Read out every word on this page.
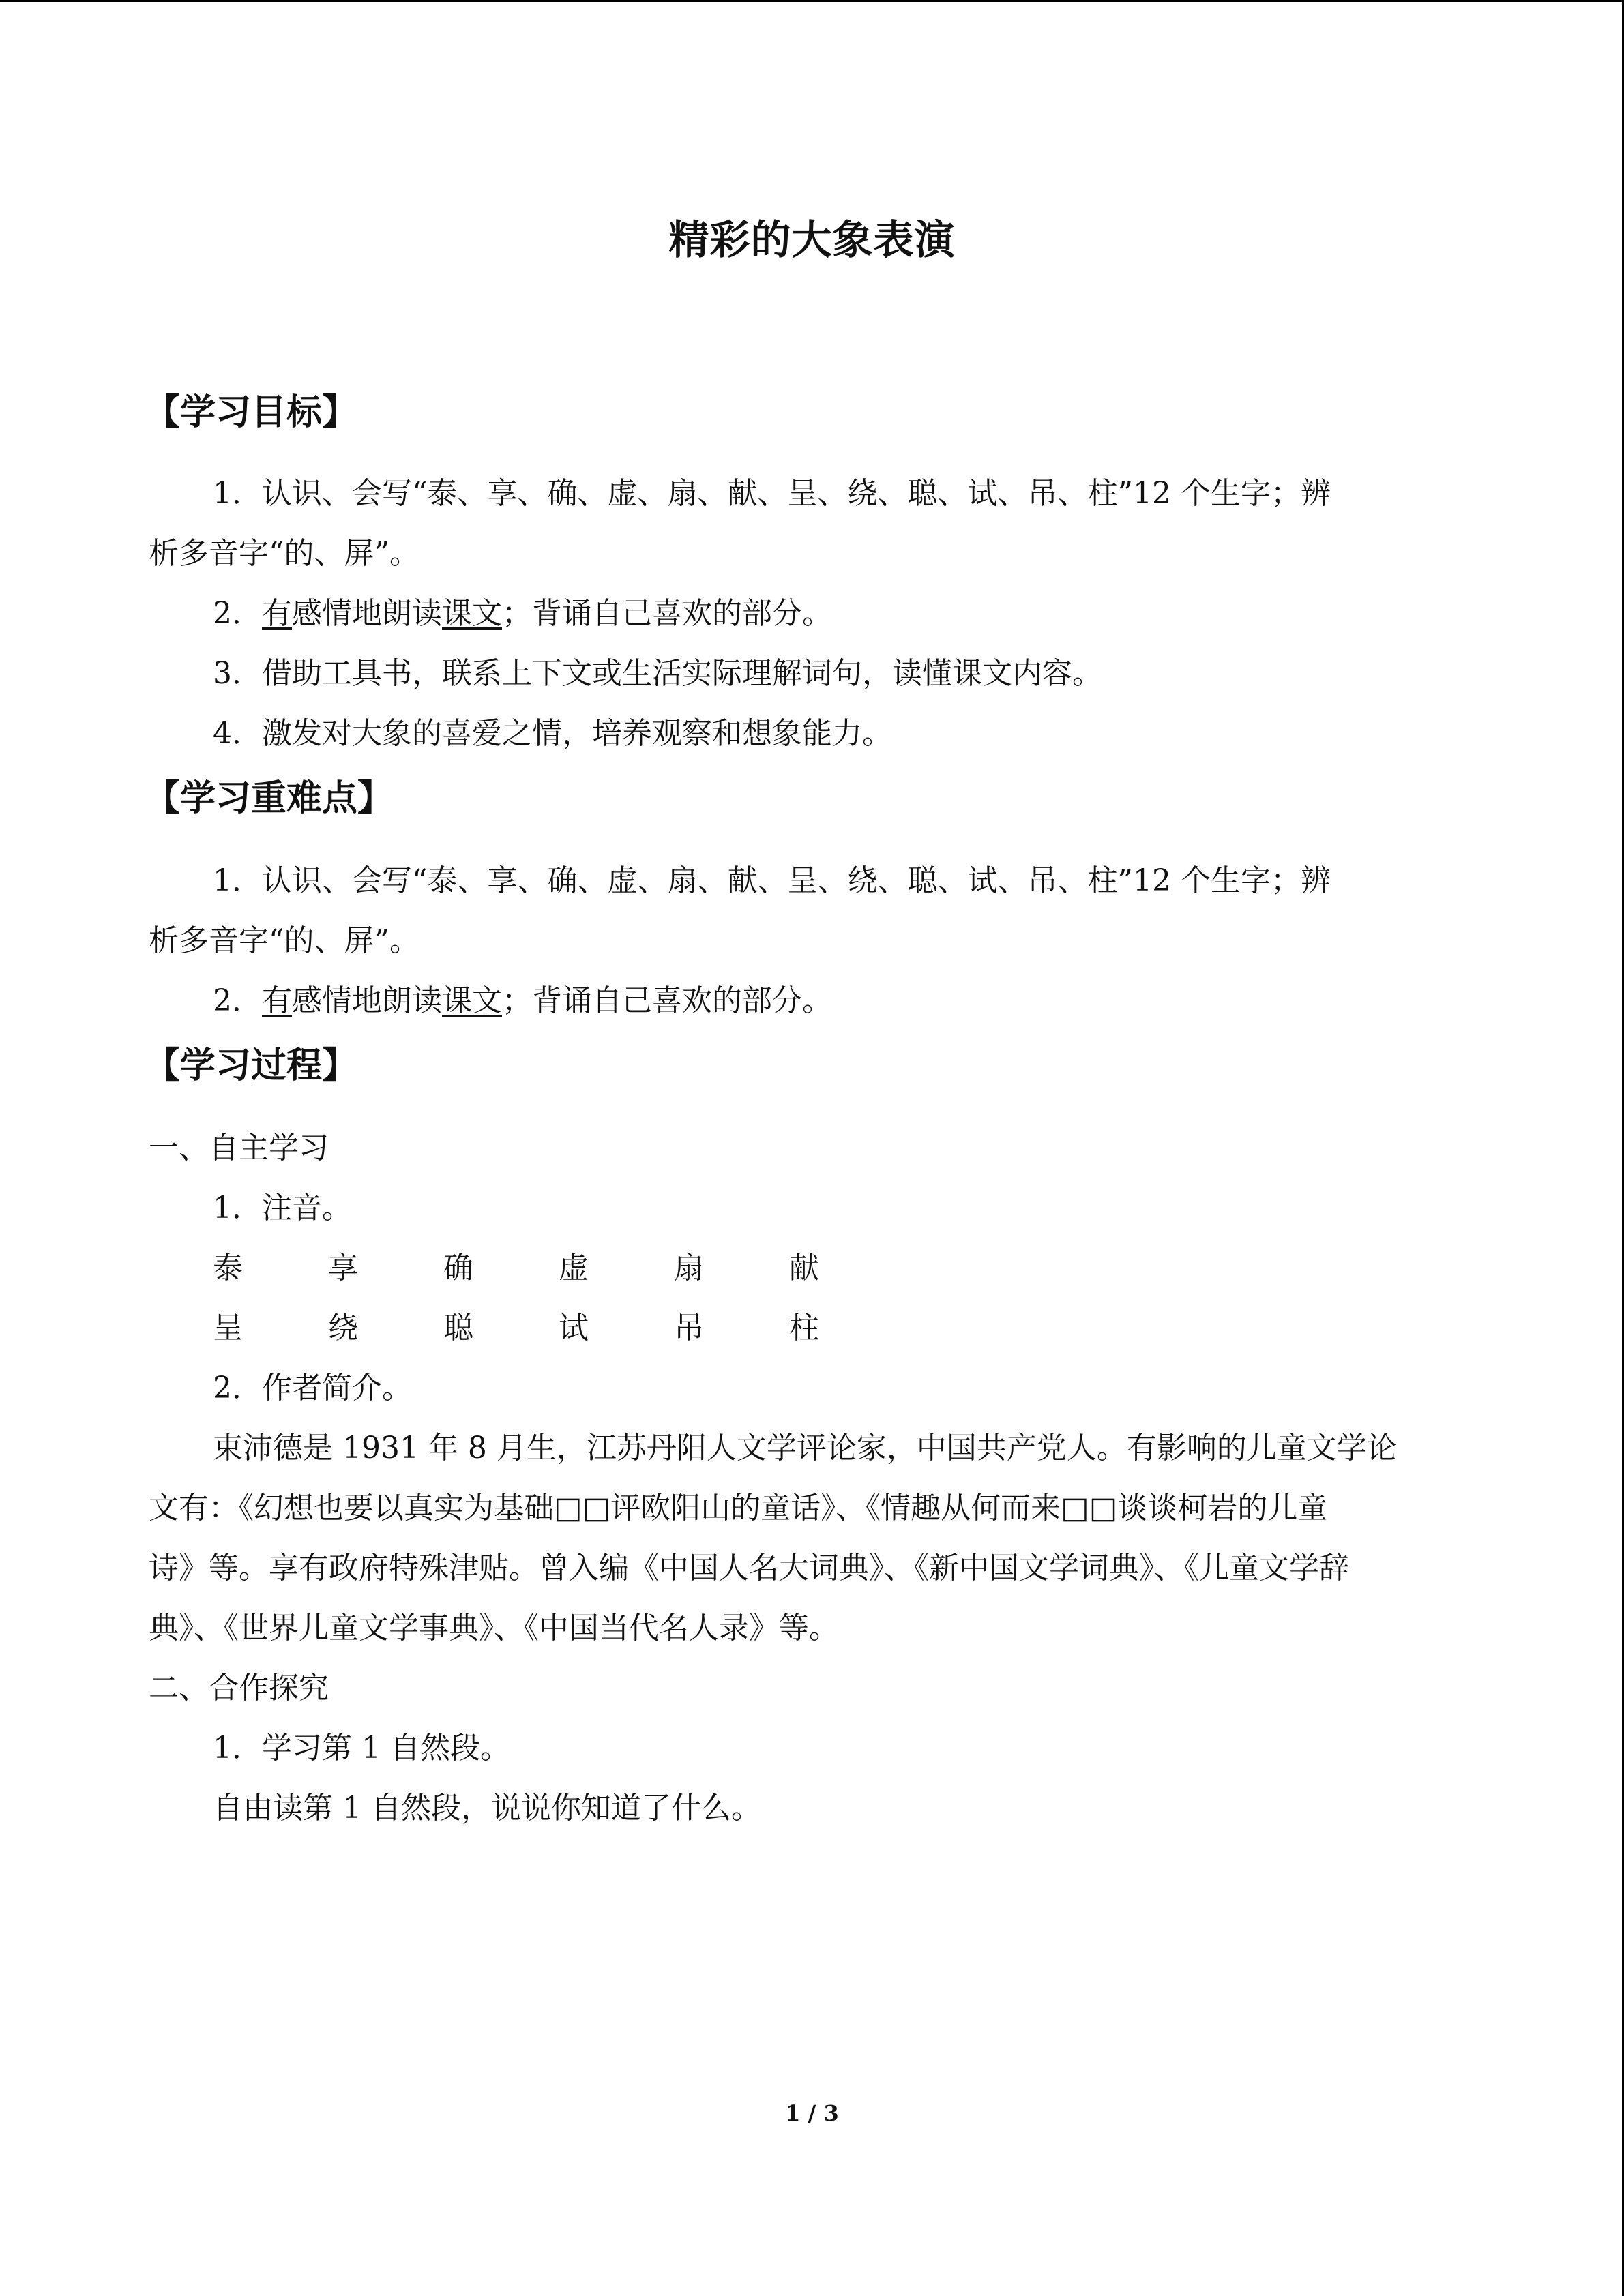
精彩的大象表演
【学习目标】
1．认识、会写“泰、享、确、虚、扇、献、呈、绕、聪、试、吊、柱”12 个生字；辨
析多音字“的、屏”。
2．有感情地朗读课文；背诵自己喜欢的部分。
3．借助工具书，联系上下文或生活实际理解词句，读懂课文内容。
4．激发对大象的喜爱之情，培养观察和想象能力。
【学习重难点】
1．认识、会写“泰、享、确、虚、扇、献、呈、绕、聪、试、吊、柱”12 个生字；辨
析多音字“的、屏”。
2．有感情地朗读课文；背诵自己喜欢的部分。
【学习过程】
一、自主学习
1．注音。
泰	享	确	虚	扇	献
呈	绕	聪	试	吊	柱
2．作者简介。
束沛德是 1931 年 8 月生，江苏丹阳人文学评论家，中国共产党人。有影响的儿童文学论
文有：《幻想也要以真实为基础□□评欧阳山的童话》、《情趣从何而来□□谈谈柯岩的儿童
诗》等。享有政府特殊津贴。曾入编《中国人名大词典》、《新中国文学词典》、《儿童文学辞
典》、《世界儿童文学事典》、《中国当代名人录》等。
二、合作探究
1．学习第 1 自然段。
自由读第 1 自然段，说说你知道了什么。
1 / 3
